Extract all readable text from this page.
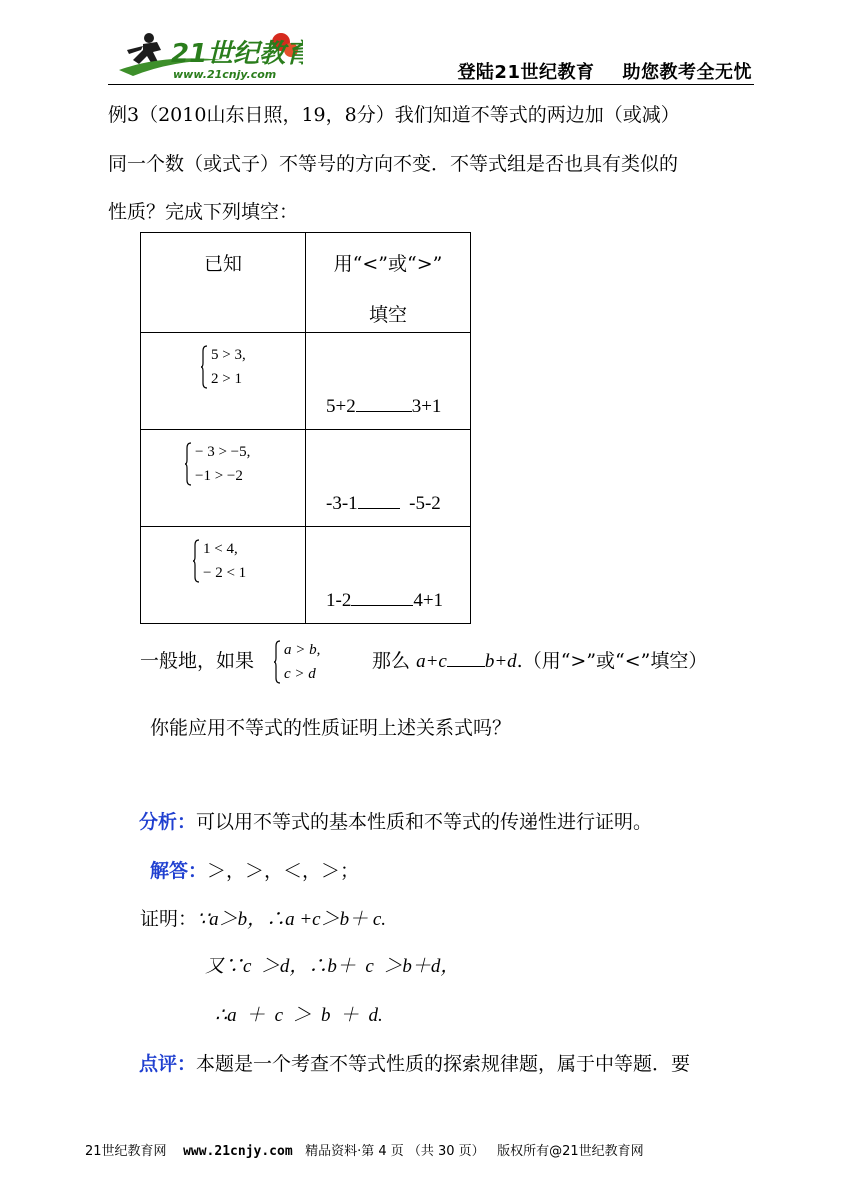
21世纪教育
www.21cnjy.com	登陆21世纪教育 助您教考全无忧
例3（2010山东日照，19，8分）我们知道不等式的两边加（或减）
同一个数（或式子）不等号的方向不变．不等式组是否也具有类似的
性质？完成下列填空：
已知	用“<”或“>”
填空

5 > 3,
2 > 1	5+2 3+1

− 3 > −5,
−1 > −2	-3-1 -5-2

1 < 4,
− 2 < 1	1-2 4+1
一般地，如果 a > b,
c > d
那么 a+c b+d.（用“>”或“<”填空）
你能应用不等式的性质证明上述关系式吗？
分析：可以用不等式的基本性质和不等式的传递性进行证明。
解答：＞，＞，＜，＞；
证明：∵a＞b，∴a +c＞b＋ c.
又∵c  ＞d，∴b＋  c  ＞b＋d，
∴a  ＋  c  ＞  b  ＋  d.
点评：本题是一个考查不等式性质的探索规律题，属于中等题．要
21世纪教育网 www.21cnjy.com 精品资料·第 4 页 （共 30 页） 版权所有@21世纪教育网
